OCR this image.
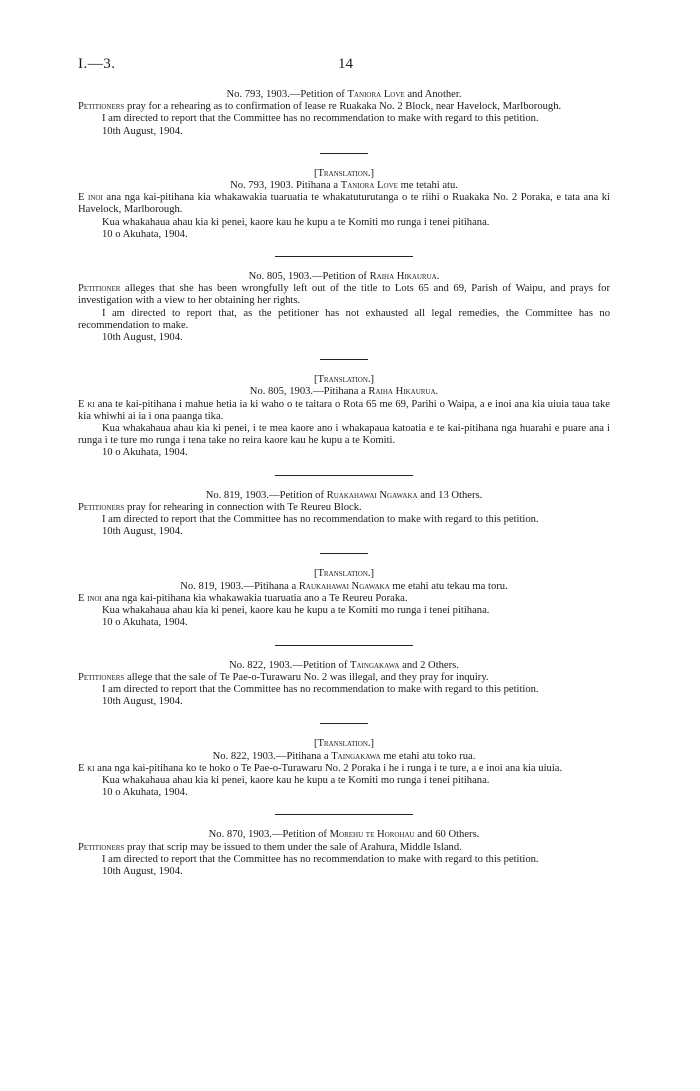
I.—3.	14

No. 793, 1903.—Petition of Taniora Love and Another.

Petitioners pray for a rehearing as to confirmation of lease re Ruakaka No. 2 Block, near Havelock, Marlborough.

I am directed to report that the Committee has no recommendation to make with regard to this petition.

10th August, 1904.

[Translation.]

No. 793, 1903. Pitihana a Taniora Love me tetahi atu.

E inoi ana nga kai-pitihana kia whakawakia tuaruatia te whakatuturutanga o te riihi o Ruakaka No. 2 Poraka, e tata ana ki Havelock, Marlborough.

Kua whakahaua ahau kia ki penei, kaore kau he kupu a te Komiti mo runga i tenei pitihana.

10 o Akuhata, 1904.

No. 805, 1903.—Petition of Raiha Hikaurua.

Petitioner alleges that she has been wrongfully left out of the title to Lots 65 and 69, Parish of Waipu, and prays for investigation with a view to her obtaining her rights.

I am directed to report that, as the petitioner has not exhausted all legal remedies, the Committee has no recommendation to make.

10th August, 1904.

[Translation.]

No. 805, 1903.—Pitihana a Raiha Hikaurua.

E ki ana te kai-pitihana i mahue hetia ia ki waho o te taitara o Rota 65 me 69, Parihi o Waipa, a e inoi ana kia uiuia taua take kia whiwhi ai ia i ona paanga tika.

Kua whakahaua ahau kia ki penei, i te mea kaore ano i whakapaua katoatia e te kai-pitihana nga huarahi e puare ana i runga i te ture mo runga i tena take no reira kaore kau he kupu a te Komiti.

10 o Akuhata, 1904.

No. 819, 1903.—Petition of Ruakahawai Ngawaka and 13 Others.

Petitioners pray for rehearing in connection with Te Reureu Block.

I am directed to report that the Committee has no recommendation to make with regard to this petition.

10th August, 1904.

[Translation.]

No. 819, 1903.—Pitihana a Raukahawai Ngawaka me etahi atu tekau ma toru.

E inoi ana nga kai-pitihana kia whakawakia tuaruatia ano a Te Reureu Poraka.

Kua whakahaua ahau kia ki penei, kaore kau he kupu a te Komiti mo runga i tenei pitihana.

10 o Akuhata, 1904.

No. 822, 1903.—Petition of Taingakawa and 2 Others.

Petitioners allege that the sale of Te Pae-o-Turawaru No. 2 was illegal, and they pray for inquiry.

I am directed to report that the Committee has no recommendation to make with regard to this petition.

10th August, 1904.

[Translation.]

No. 822, 1903.—Pitihana a Taingakawa me etahi atu toko rua.

E ki ana nga kai-pitihana ko te hoko o Te Pae-o-Turawaru No. 2 Poraka i he i runga i te ture, a e inoi ana kia uiuia.

Kua whakahaua ahau kia ki penei, kaore kau he kupu a te Komiti mo runga i tenei pitihana.

10 o Akuhata, 1904.

No. 870, 1903.—Petition of Morehu te Horohau and 60 Others.

Petitioners pray that scrip may be issued to them under the sale of Arahura, Middle Island.

I am directed to report that the Committee has no recommendation to make with regard to this petition.

10th August, 1904.
